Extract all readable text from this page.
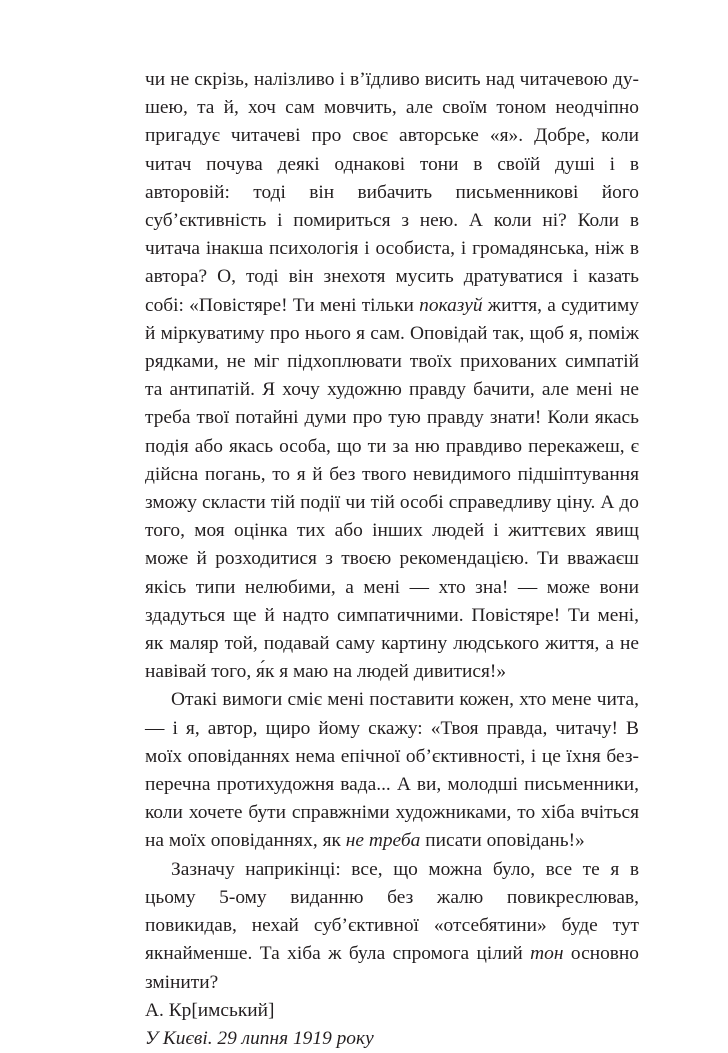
чи не скрізь, налізливо і в’їдливо висить над читачевою душею, та й, хоч сам мовчить, але своїм тоном неодчіпно пригадує читачеві про своє авторське «я». Добре, коли читач почува деякі однакові тони в своїй душі і в авторовій: тоді він вибачить письменникові його суб’єктивність і помириться з нею. А коли ні? Коли в читача інакша психологія і особиста, і громадянська, ніж в автора? О, тоді він знехотя мусить дратуватися і казать собі: «Повістяре! Ти мені тільки показуй життя, а судитиму й міркуватиму про нього я сам. Оповідай так, щоб я, поміж рядками, не міг підхоплювати твоїх прихованих симпатій та антипатій. Я хочу художню правду бачити, але мені не треба твої потайні думи про тую правду знати! Коли якась подія або якась особа, що ти за ню правдиво перекажеш, є дійсна погань, то я й без твого невидимого підшіптування зможу скласти тій події чи тій особі справедливу ціну. А до того, моя оцінка тих або інших людей і життєвих явищ може й розходитися з твоєю рекомендацією. Ти вважаєш якісь типи нелюбими, а мені — хто зна! — може вони здадуться ще й надто симпатичними. Повістяре! Ти мені, як маляр той, подавай саму картину людського життя, а не навівай того, я́к я маю на людей дивитися!»

Отакі вимоги сміє мені поставити кожен, хто мене чита, — і я, автор, щиро йому скажу: «Твоя правда, читачу! В моїх оповіданнях нема епічної об’єктивності, і це їхня безперечна протихудожня вада... А ви, молодші письменники, коли хочете бути справжніми художниками, то хіба вчіться на моїх оповіданнях, як не треба писати оповідань!»

Зазначу наприкінці: все, що можна було, все те я в цьому 5-ому виданню без жалю повикреслював, повикидав, нехай суб’єктивної «отсебятини» буде тут якнайменше. Та хіба ж була спромога цілий тон основно змінити?

А. Кр[имський]

У Києві. 29 липня 1919 року
